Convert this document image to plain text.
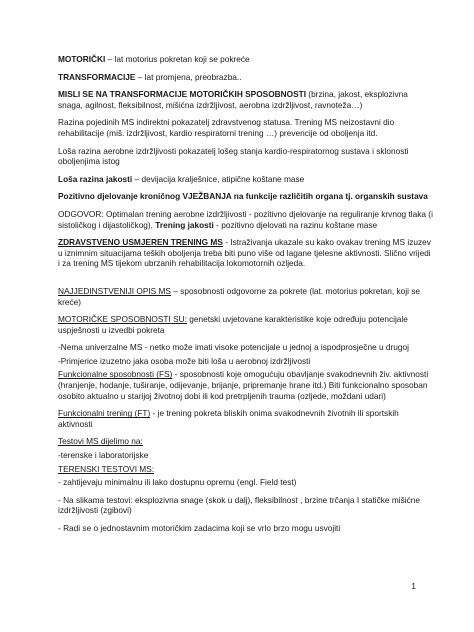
MOTORIČKI – lat motorius pokretan koji se pokreće

TRANSFORMACIJE – lat promjena, preobrazba..

MISLI SE NA TRANSFORMACIJE MOTORIČKIH SPOSOBNOSTI (brzina, jakost, eksplozivna snaga, agilnost, fleksibilnost, mišićna izdržljivost, aerobna izdržljivost, ravnoteža…)

Razina pojedinih MS indirektni pokazatelj zdravstvenog statusa. Trening MS neizostavni dio rehabilitacije (miš. izdržljivost, kardio respiratorni trening …) prevencije od oboljenja itd.

Loša razina aerobne izdržljivosti pokazatelj lošeg stanja kardio-respiratornog sustava i sklonosti oboljenjima istog

Loša razina jakosti – devijacija kralješnice, atipične koštane mase

Pozitivno djelovanje kroničnog VJEŽBANJA na funkcije različitih organa tj. organskih sustava

ODGOVOR: Optimalan trening aerobne izdržljivosti - pozitivno djelovanje na reguliranje krvnog tlaka (i sistoličkog i dijastoličkog), Trening jakosti - pozitivno djelovati na razinu koštane mase

ZDRAVSTVENO USMJEREN TRENING MS - Istraživanja ukazale su kako ovakav trening MS izuzev u iznimnim situacijama teških oboljenja treba biti puno više od lagane tjelesne aktivnosti. Slično vrijedi i za trening MS tijekom ubrzanih rehabilitacija lokomotornih ozljeda.

NAJJEDINSTVENIJI OPIS MS – sposobnosti odgovorne za pokrete (lat. motorius pokretan, koji se kreće)

MOTORIČKE SPOSOBNOSTI SU: genetski uvjetovane karakteristike koje određuju potencijale uspješnosti u izvedbi pokreta

-Nema univerzalne MS - netko može imati visoke potencijale u jednoj a ispodprosječne u drugoj

-Primjerice izuzetno jaka osoba može biti loša u aerobnoj izdržljivosti

Funkcionalne sposobnosti (FS) - sposobnosti koje omogućuju obavljanje svakodnevnih živ. aktivnosti (hranjenje, hodanje, tuširanje, odijevanje, brijanje, pripremanje hrane itd.) Biti funkcionalno sposoban osobito aktualno u starijoj životnoj dobi ili kod pretrpljenih trauma (ozljede, moždani udari)

Funkcionalni trening (FT) - je trening pokreta bliskih onima svakodnevnih životnih ili sportskih aktivnosti

Testovi MS dijelimo na:

-terenske i laboratorijske

TERENSKI TESTOVI MS:

- zahtijevaju minimalnu ili lako dostupnu opremu (engl. Field test)

- Na slikama testovi: eksplozivna snage (skok u dalj), fleksibilnost , brzine trčanja I statičke mišićne izdržljivosti (zgibovi)

- Radi se o jednostavnim motoričkim zadacima koji se vrlo brzo mogu usvojiti

1
